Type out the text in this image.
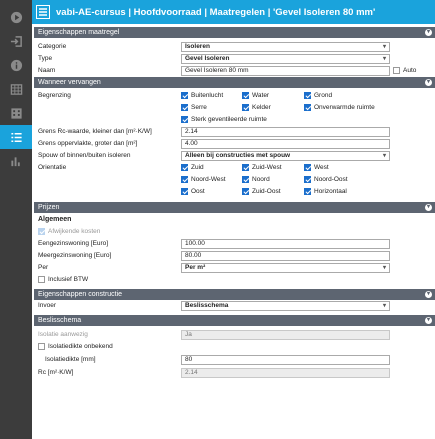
vabi-AE-cursus | Hoofdvoorraad | Maatregelen | 'Gevel Isoleren 80 mm'
Eigenschappen maatregel	▾
Categorie	Isoleren	▾
Type	Gevel Isoleren	▾
Naam	Gevel Isoleren 80 mm	Auto
Wanneer vervangen	▾
Begrenzing	Buitenlucht	Water	Grond
Serre	Kelder	Onverwarmde ruimte
Sterk geventileerde ruimte
Grens Rc-waarde, kleiner dan [m²·K/W]	2.14
Grens oppervlakte, groter dan [m²]	4.00
Spouw of binnen/buiten isoleren	Alleen bij constructies met spouw	▾
Orientatie	Zuid	Zuid-West	West
Noord-West	Noord	Noord-Oost
Oost	Zuid-Oost	Horizontaal
Prijzen	▾
Algemeen
Afwijkende kosten
Eengezinswoning [Euro]	100.00
Meergezinswoning [Euro]	80.00
Per	Per m²	▾
Inclusief BTW
Eigenschappen constructie	▾
Invoer	Beslisschema	▾
Beslisschema	▾
Isolatie aanwezig	Ja
Isolatiedikte onbekend
Isolatiedikte [mm]	80
Rc [m²·K/W]	2.14
